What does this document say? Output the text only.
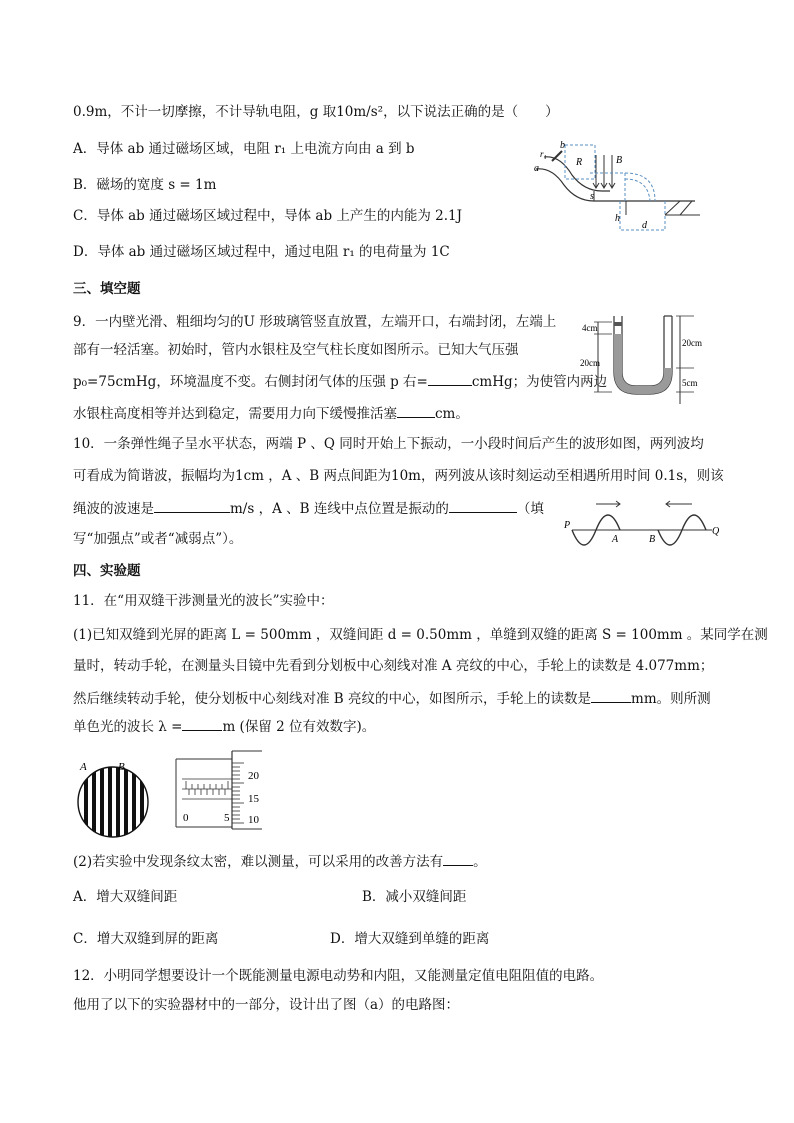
0.9m，不计一切摩擦，不计导轨电阻，g 取10m/s²，以下说法正确的是（　　）
A．导体 ab 通过磁场区域，电阻 r₁ 上电流方向由 a 到 b
B．磁场的宽度 s = 1m
C．导体 ab 通过磁场区域过程中，导体 ab 上产生的内能为 2.1J
D．导体 ab 通过磁场区域过程中，通过电阻 r₁ 的电荷量为 1C
a
r₁
b
R	B
s
h
d
三、填空题
9．一内壁光滑、粗细均匀的U 形玻璃管竖直放置，左端开口，右端封闭，左端上
部有一轻活塞。初始时，管内水银柱及空气柱长度如图所示。已知大气压强
p₀=75cmHg，环境温度不变。右侧封闭气体的压强 p 右=	cmHg；为使管内两边
水银柱高度相等并达到稳定，需要用力向下缓慢推活塞	cm。
4cm
20cm
20cm
5cm
10．一条弹性绳子呈水平状态，两端 P 、Q 同时开始上下振动，一小段时间后产生的波形如图，两列波均
可看成为简谐波，振幅均为1cm ，A 、B 两点间距为10m，两列波从该时刻运动至相遇所用时间 0.1s，则该
绳波的波速是	m/s ，A 、B 连线中点位置是振动的	（填
写“加强点”或者“减弱点”）。
P
A	B
Q
四、实验题
11．在“用双缝干涉测量光的波长”实验中：
(1)已知双缝到光屏的距离 L = 500mm ，双缝间距 d = 0.50mm ，单缝到双缝的距离 S = 100mm 。某同学在测
量时，转动手轮，在测量头目镜中先看到分划板中心刻线对准 A 亮纹的中心，手轮上的读数是 4.077mm；
然后继续转动手轮，使分划板中心刻线对准 B 亮纹的中心，如图所示，手轮上的读数是	mm。则所测
单色光的波长 λ =	m (保留 2 位有效数字)。
A	B
20
15
10
0	5
(2)若实验中发现条纹太密，难以测量，可以采用的改善方法有 。
A．增大双缝间距	B．减小双缝间距
C．增大双缝到屏的距离	D．增大双缝到单缝的距离
12．小明同学想要设计一个既能测量电源电动势和内阻，又能测量定值电阻阻值的电路。
他用了以下的实验器材中的一部分，设计出了图（a）的电路图：
